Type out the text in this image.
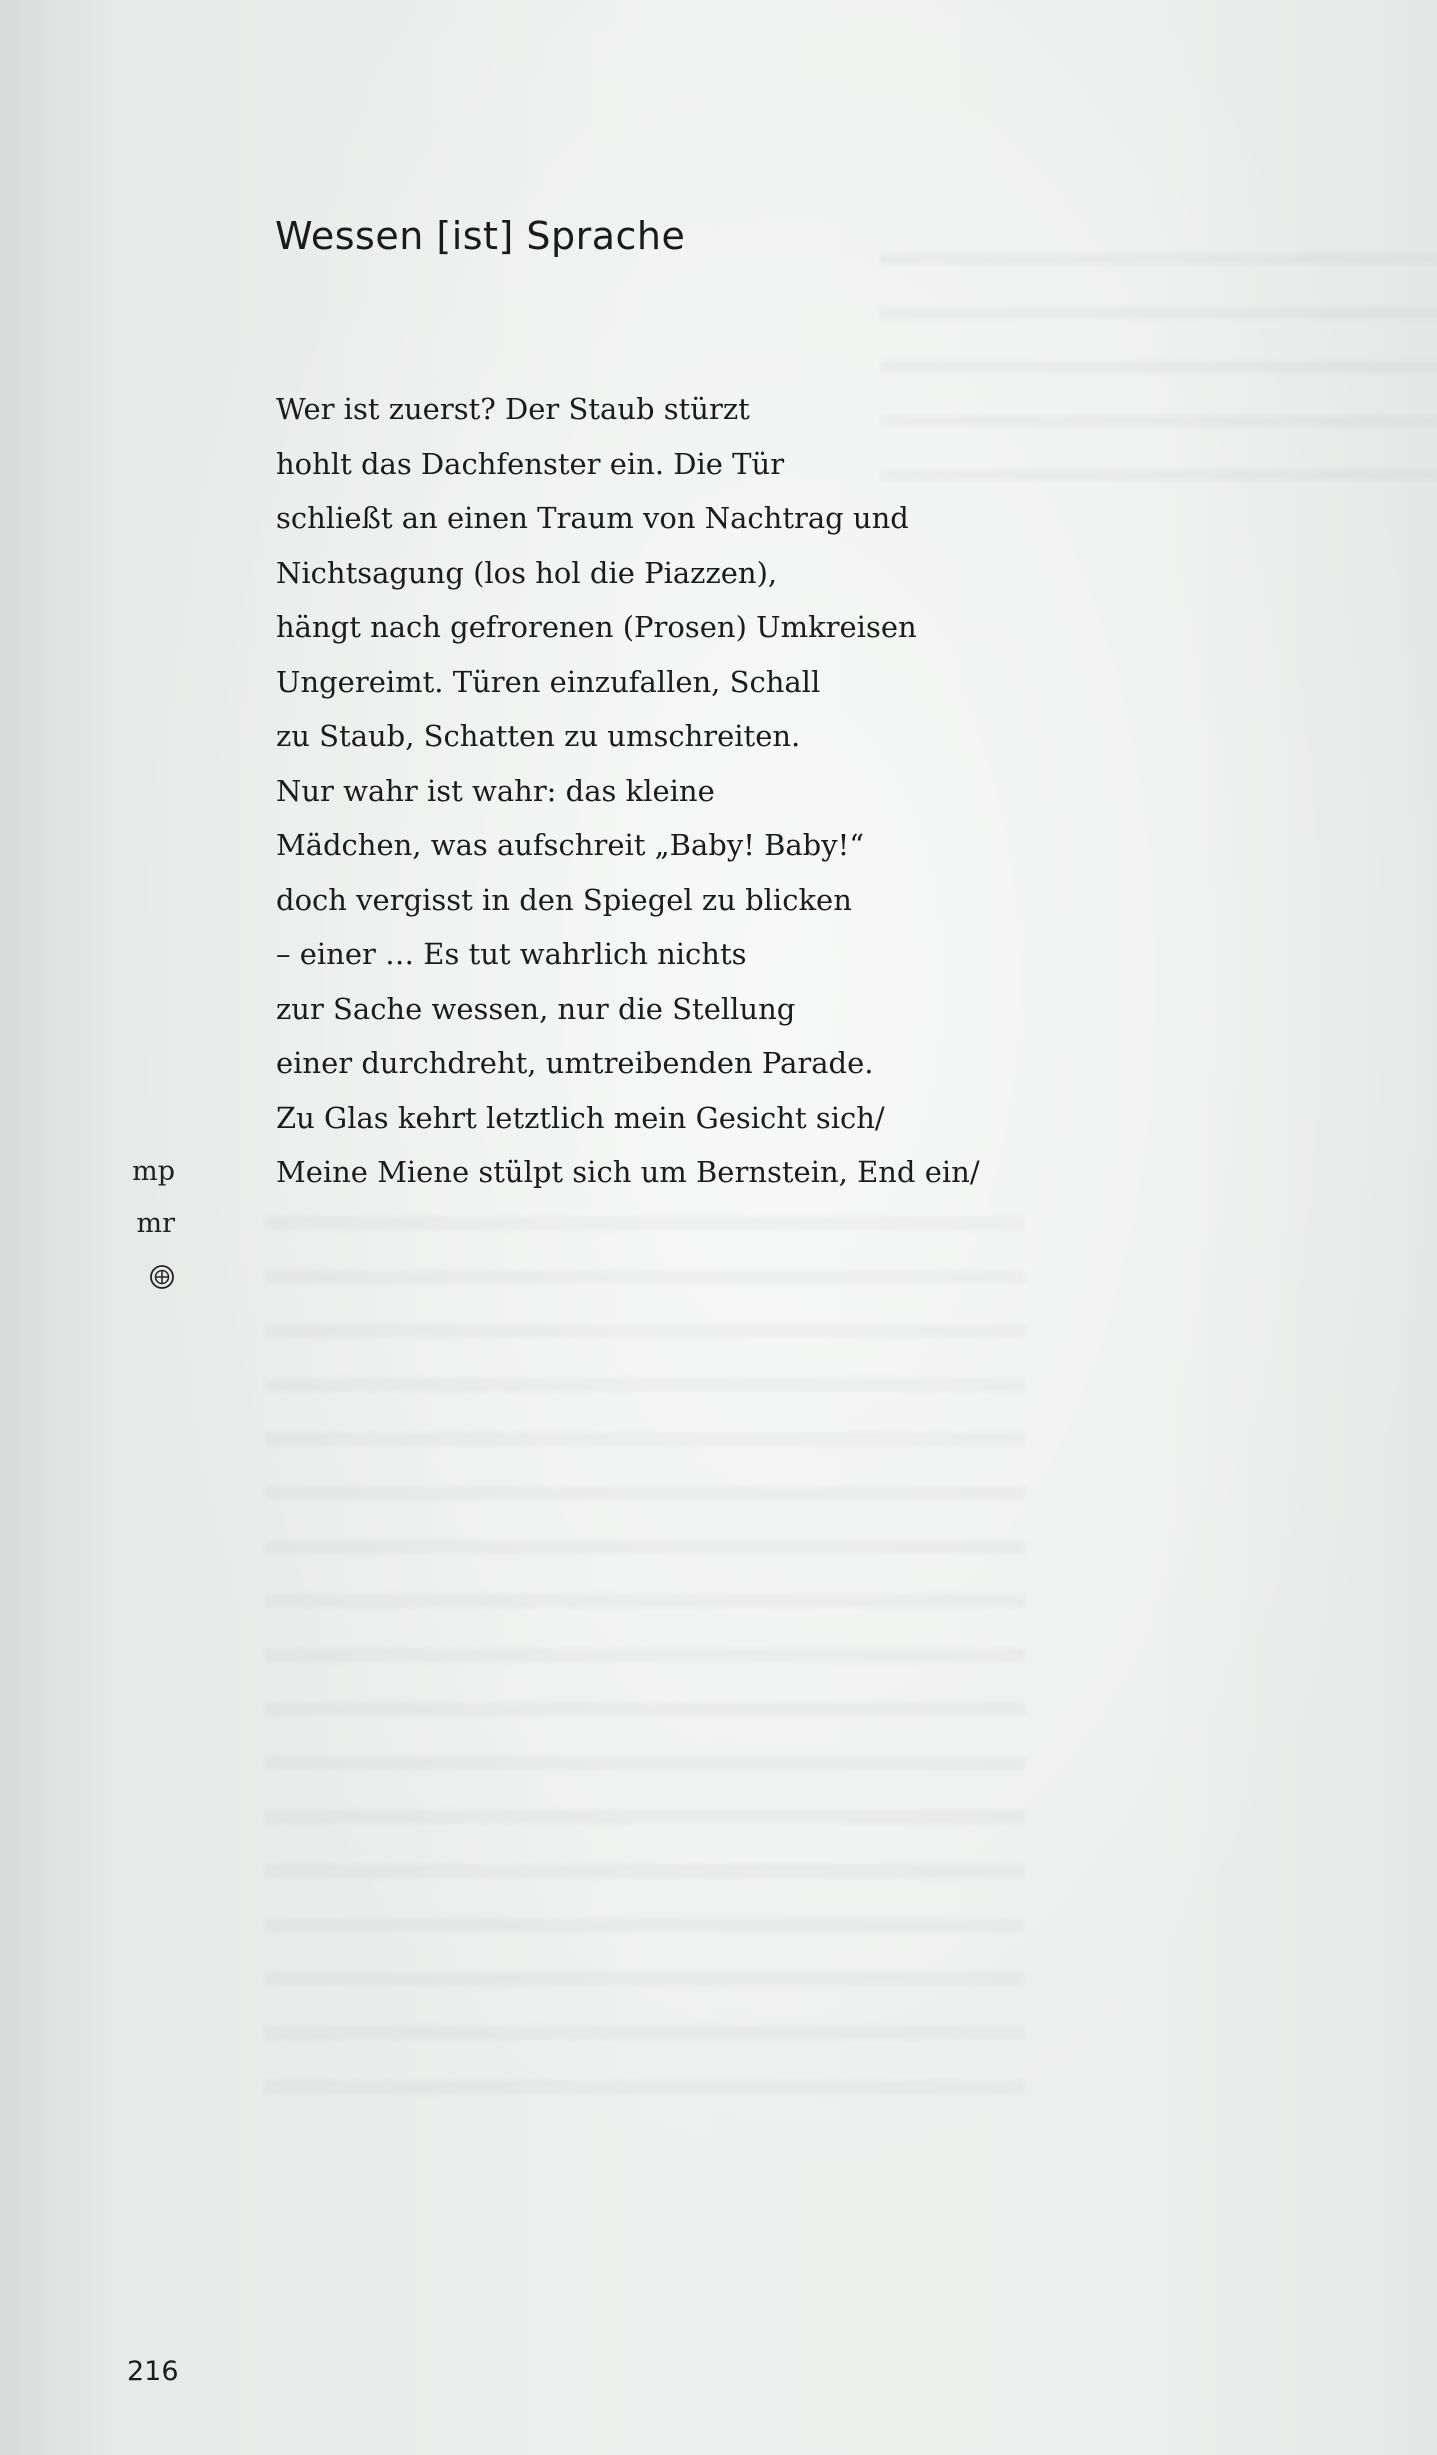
Wessen [ist] Sprache
Wer ist zuerst? Der Staub stürzt
hohlt das Dachfenster ein. Die Tür
schließt an einen Traum von Nachtrag und
Nichtsagung (los hol die Piazzen),
hängt nach gefrorenen (Prosen) Umkreisen
Ungereimt. Türen einzufallen, Schall
zu Staub, Schatten zu umschreiten.
Nur wahr ist wahr: das kleine
Mädchen, was aufschreit „Baby! Baby!“
doch vergisst in den Spiegel zu blicken
– einer … Es tut wahrlich nichts
zur Sache wessen, nur die Stellung
einer durchdreht, umtreibenden Parade.
Zu Glas kehrt letztlich mein Gesicht sich/
Meine Miene stülpt sich um Bernstein, End ein/
mp
mr
216
